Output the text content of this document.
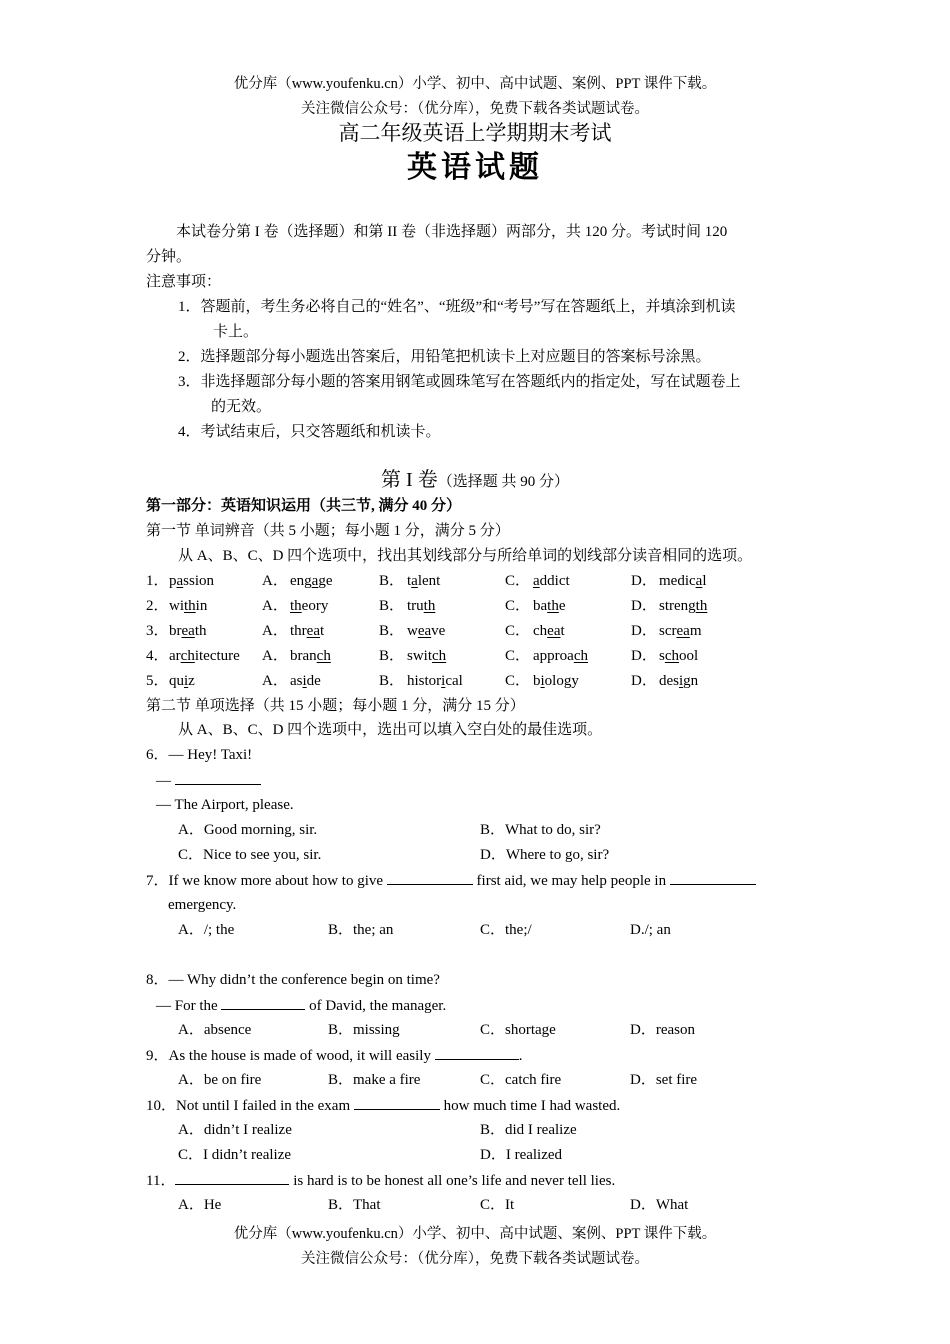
优分库（www.youfenku.cn）小学、初中、高中试题、案例、PPT 课件下载。
关注微信公众号：（优分库），免费下载各类试题试卷。
高二年级英语上学期期末考试
英语试题
本试卷分第 I 卷（选择题）和第 II 卷（非选择题）两部分，共 120 分。考试时间 120
分钟。
注意事项：
1．答题前，考生务必将自己的“姓名”、“班级”和“考号”写在答题纸上，并填涂到机读
卡上。
2．选择题部分每小题选出答案后，用铅笔把机读卡上对应题目的答案标号涂黑。
3．非选择题部分每小题的答案用钢笔或圆珠笔写在答题纸内的指定处，写在试题卷上
的无效。
4．考试结束后，只交答题纸和机读卡。
第 I 卷（选择题 共 90 分）
第一部分：英语知识运用（共三节, 满分 40 分）
第一节 单词辨音（共 5 小题；每小题 1 分，满分 5 分）
从 A、B、C、D 四个选项中，找出其划线部分与所给单词的划线部分读音相同的选项。
1． passion	A． engage	B． talent	C． addict	D． medical
2． within	A． theory	B． truth	C． bathe	D． strength
3． breath	A． threat	B． weave	C． cheat	D． scream
4． architecture A． branch	B． switch	C． approach	D． school
5． quiz	A． aside	B． historical	C． biology	D． design
第二节 单项选择（共 15 小题；每小题 1 分，满分 15 分）
从 A、B、C、D 四个选项中，选出可以填入空白处的最佳选项。
6．— Hey! Taxi!
—
— The Airport, please.
A．Good morning, sir.	B．What to do, sir?
C．Nice to see you, sir.	D．Where to go, sir?
7．If we know more about how to give	first aid, we may help people in
emergency.
A．/; the	B．the; an	C．the;/	D./; an
8．— Why didn’t the conference begin on time?
— For the	of David, the manager.
A．absence	B．missing	C．shortage	D．reason
9．As the house is made of wood, it will easily	.
A．be on fire	B．make a fire	C．catch fire	D．set fire
10．Not until I failed in the exam	how much time I had wasted.
A．didn’t I realize	B．did I realize
C．I didn’t realize	D．I realized
11．	is hard is to be honest all one’s life and never tell lies.
A．He	B．That	C．It	D．What
优分库（www.youfenku.cn）小学、初中、高中试题、案例、PPT 课件下载。
关注微信公众号：（优分库），免费下载各类试题试卷。
